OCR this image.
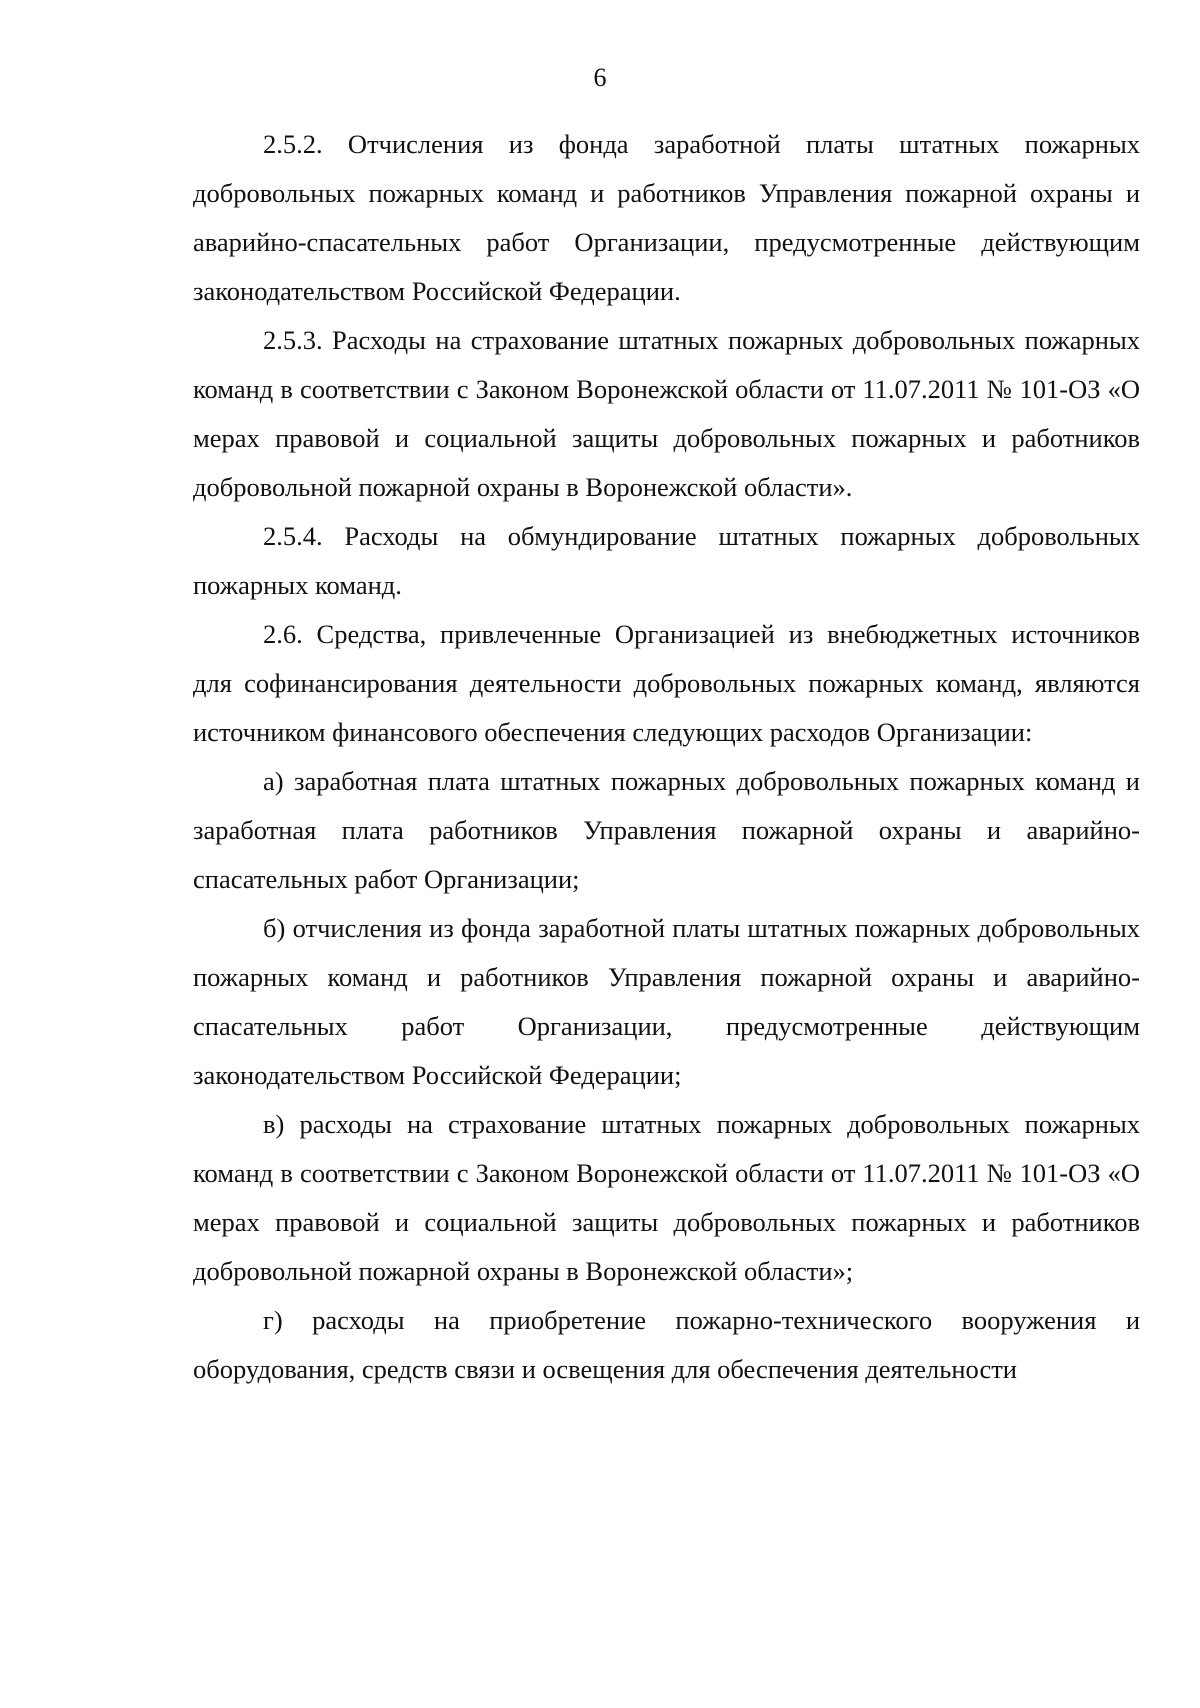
6

2.5.2. Отчисления из фонда заработной платы штатных пожарных добровольных пожарных команд и работников Управления пожарной охраны и аварийно-спасательных работ Организации, предусмотренные действующим законодательством Российской Федерации.

2.5.3. Расходы на страхование штатных пожарных добровольных пожарных команд в соответствии с Законом Воронежской области от 11.07.2011 № 101-ОЗ «О мерах правовой и социальной защиты добровольных пожарных и работников добровольной пожарной охраны в Воронежской области».

2.5.4. Расходы на обмундирование штатных пожарных добровольных пожарных команд.

2.6. Средства, привлеченные Организацией из внебюджетных источников для софинансирования деятельности добровольных пожарных команд, являются источником финансового обеспечения следующих расходов Организации:

а) заработная плата штатных пожарных добровольных пожарных команд и заработная плата работников Управления пожарной охраны и аварийно-спасательных работ Организации;

б) отчисления из фонда заработной платы штатных пожарных добровольных пожарных команд и работников Управления пожарной охраны и аварийно-спасательных работ Организации, предусмотренные действующим законодательством Российской Федерации;

в) расходы на страхование штатных пожарных добровольных пожарных команд в соответствии с Законом Воронежской области от 11.07.2011 № 101-ОЗ «О мерах правовой и социальной защиты добровольных пожарных и работников добровольной пожарной охраны в Воронежской области»;

г) расходы на приобретение пожарно-технического вооружения и оборудования, средств связи и освещения для обеспечения деятельности
